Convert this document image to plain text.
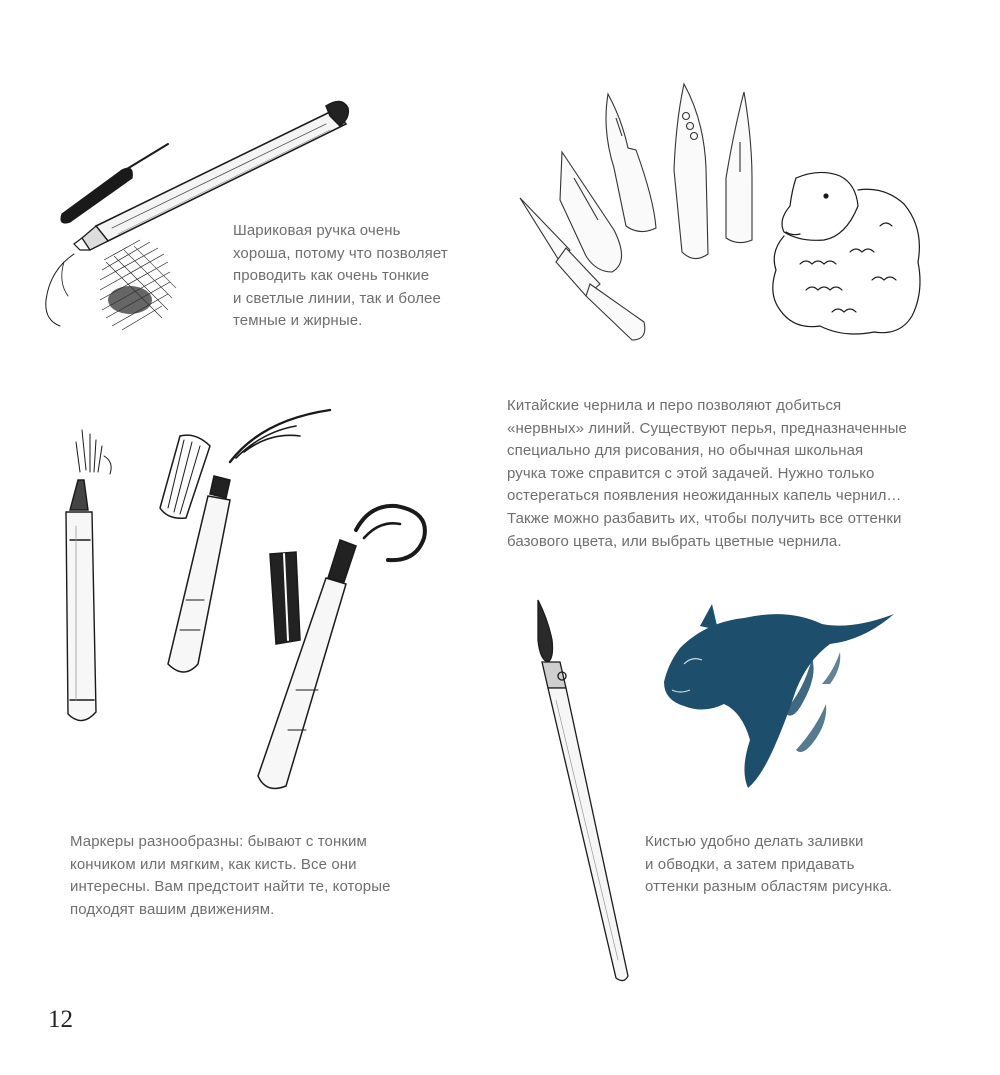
Шариковая ручка очень
хороша, потому что позволяет
проводить как очень тонкие
и светлые линии, так и более
темные и жирные.

Китайские чернила и перо позволяют добиться
«нервных» линий. Существуют перья, предназначенные
специально для рисования, но обычная школьная
ручка тоже справится с этой задачей. Нужно только
остерегаться появления неожиданных капель чернил…
Также можно разбавить их, чтобы получить все оттенки
базового цвета, или выбрать цветные чернила.

Маркеры разнообразны: бывают с тонким
кончиком или мягким, как кисть. Все они
интересны. Вам предстоит найти те, которые
подходят вашим движениям.

Кистью удобно делать заливки
и обводки, а затем придавать
оттенки разным областям рисунка.

12
